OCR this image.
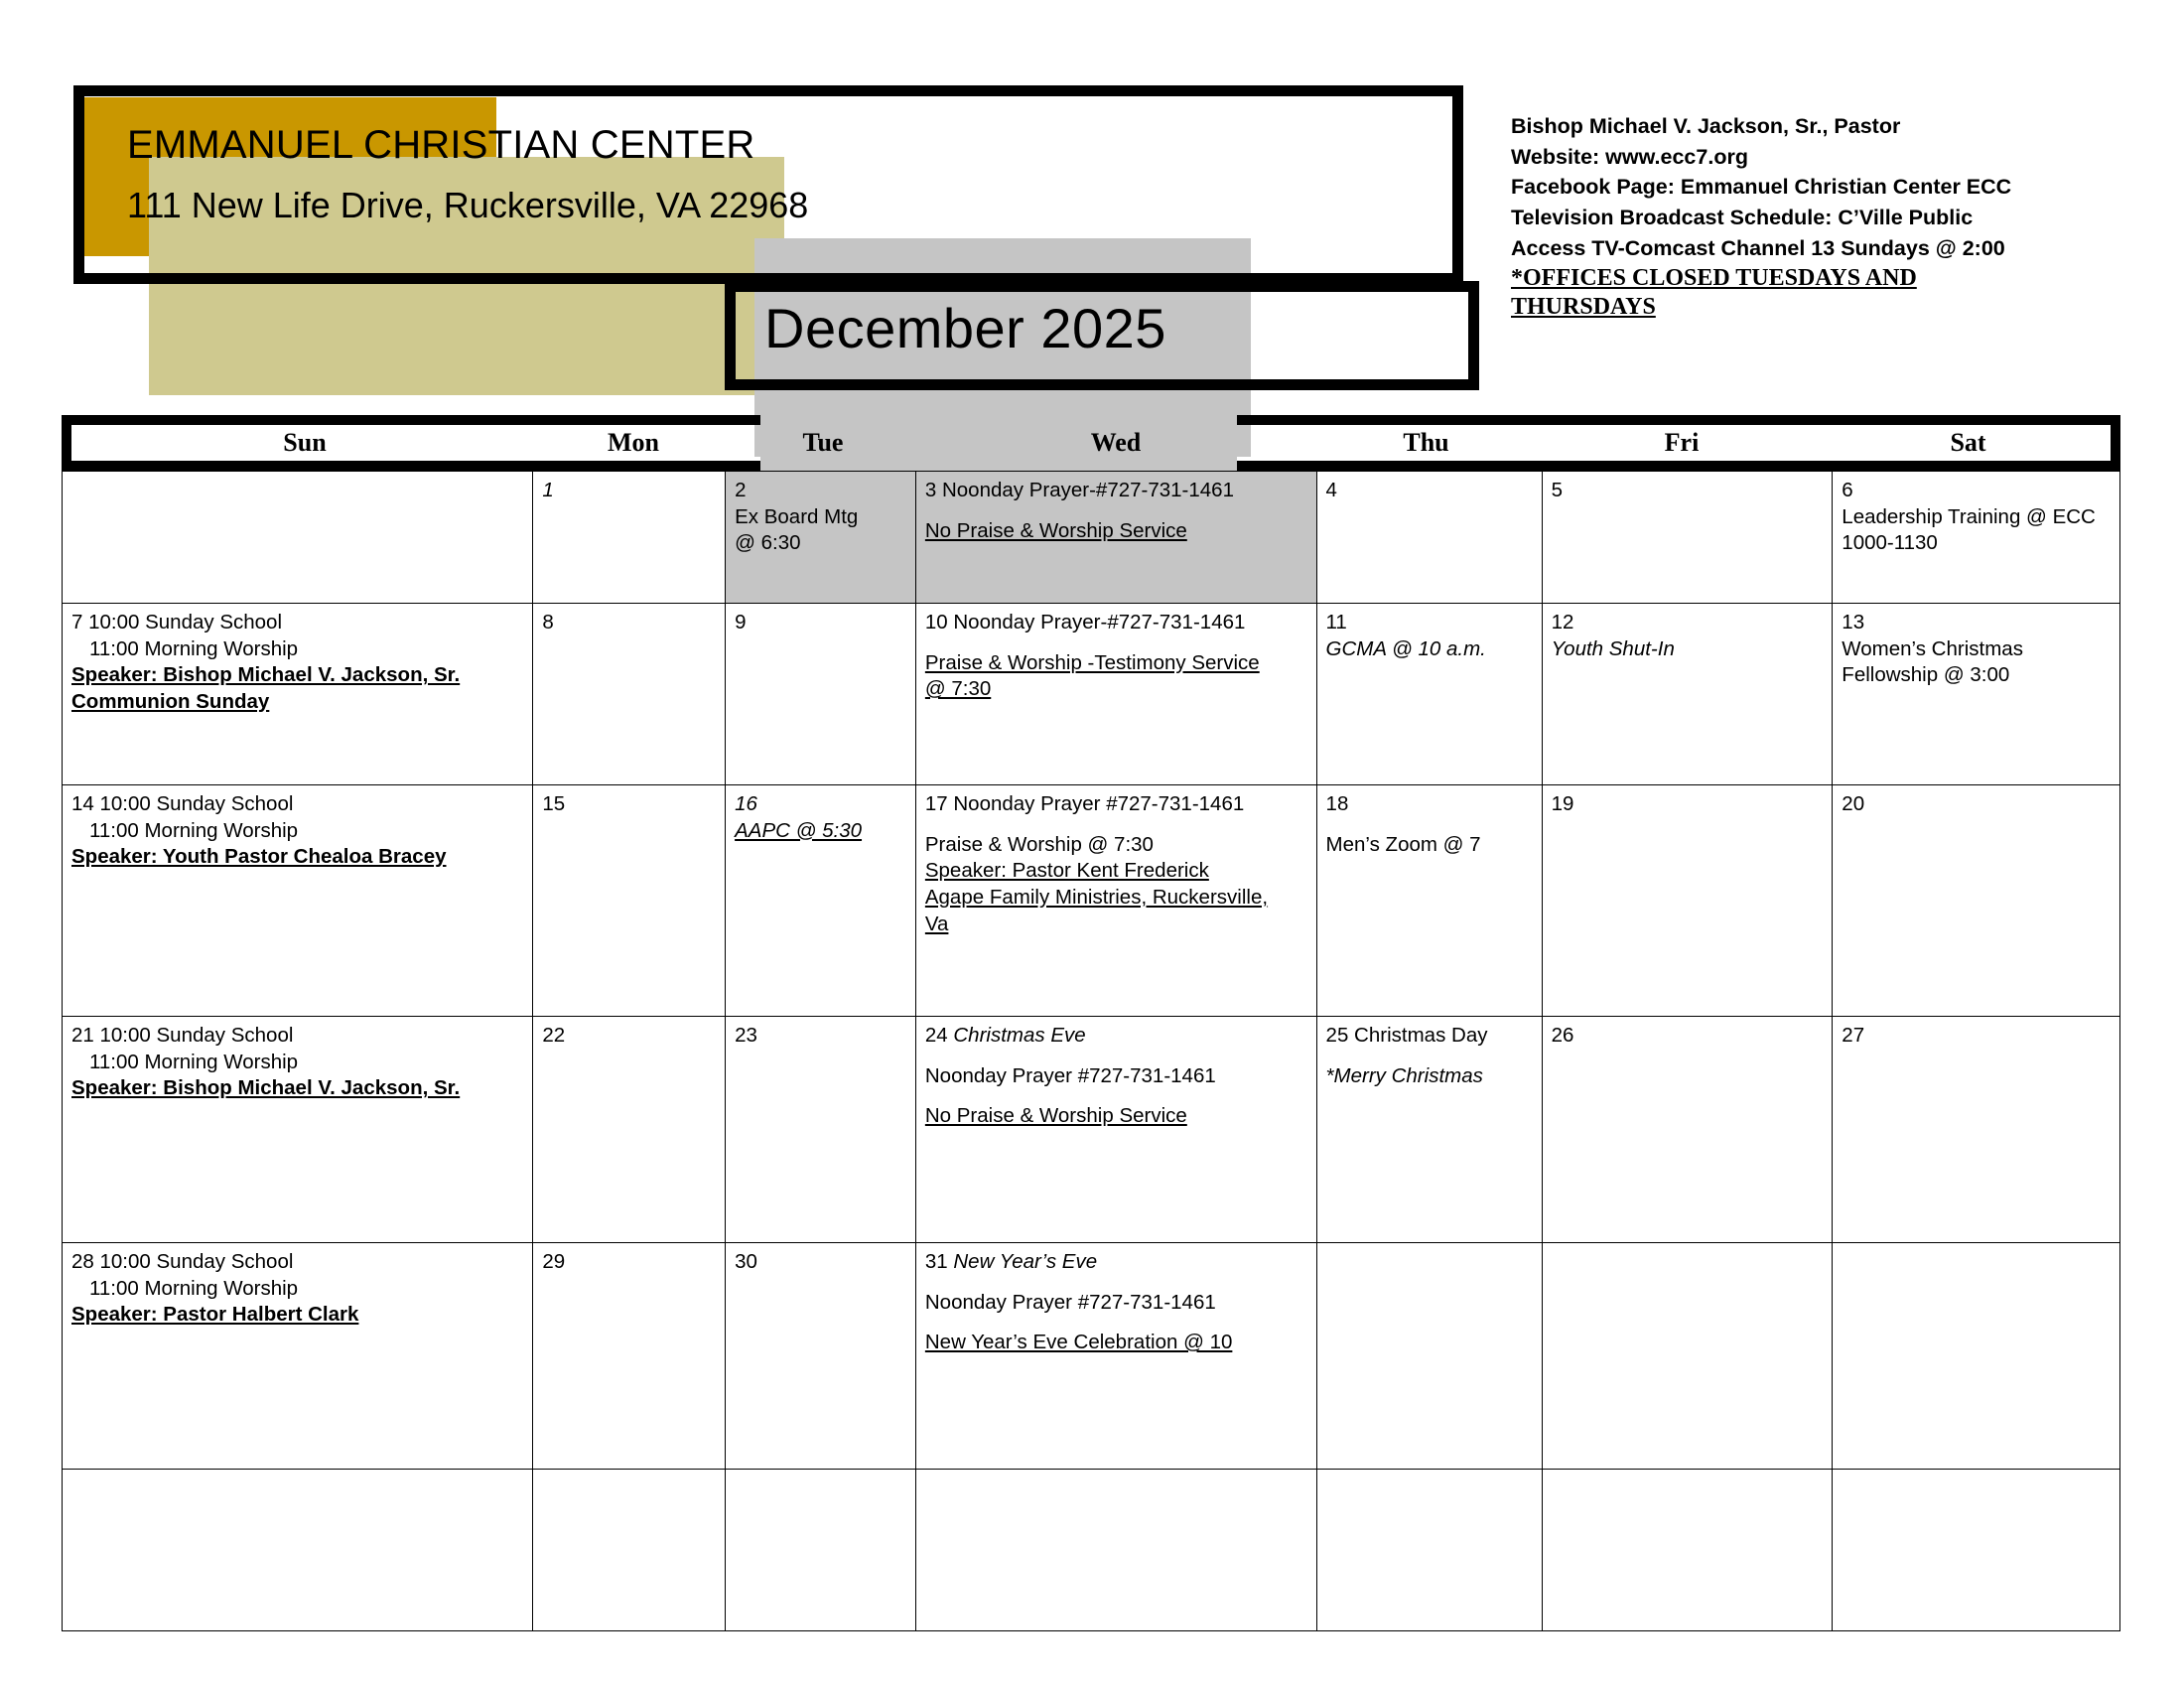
EMMANUEL CHRISTIAN CENTER
111 New Life Drive, Ruckersville, VA 22968
December 2025
Bishop Michael V. Jackson, Sr., Pastor
Website: www.ecc7.org
Facebook Page: Emmanuel Christian Center ECC
Television Broadcast Schedule: C’Ville Public
Access TV-Comcast Channel 13 Sundays @ 2:00
*OFFICES CLOSED TUESDAYS AND
THURSDAYS
Sun	Mon	Tue	Wed	Thu	Fri	Sat
	1	2
Ex Board Mtg
@ 6:30
	3 Noonday Prayer-#727-731-1461
No Praise & Worship Service
	4	5	6
Leadership Training @ ECC
1000-1130

7 10:00 Sunday School
11:00 Morning Worship
Speaker: Bishop Michael V. Jackson, Sr.
Communion Sunday
	8	9	10 Noonday Prayer-#727-731-1461
Praise & Worship -Testimony Service
@ 7:30
	11
GCMA @ 10 a.m.
	12
Youth Shut-In
	13
Women’s Christmas
Fellowship @ 3:00

14 10:00 Sunday School
11:00 Morning Worship
Speaker: Youth Pastor Chealoa Bracey
	15	16
AAPC @ 5:30
	17 Noonday Prayer #727-731-1461
Praise & Worship @ 7:30
Speaker: Pastor Kent Frederick
Agape Family Ministries, Ruckersville,
Va
	18
Men’s Zoom @ 7
	19	20
21 10:00 Sunday School
11:00 Morning Worship
Speaker: Bishop Michael V. Jackson, Sr.
	22	23	24 Christmas Eve
Noonday Prayer #727-731-1461
No Praise & Worship Service
	25 Christmas Day
*Merry Christmas
	26	27
28 10:00 Sunday School
11:00 Morning Worship
Speaker: Pastor Halbert Clark
	29	30	31 New Year’s Eve
Noonday Prayer #727-731-1461
New Year’s Eve Celebration @ 10
